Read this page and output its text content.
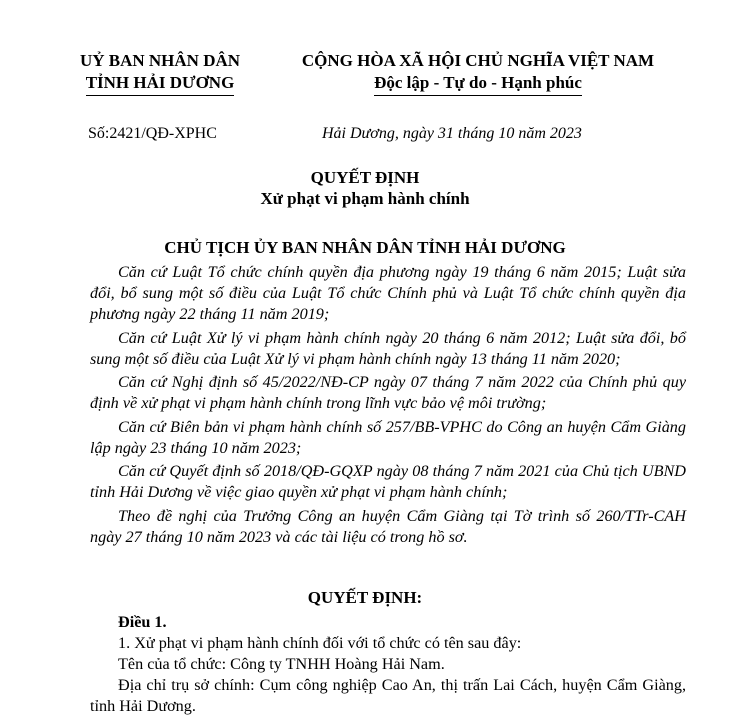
UỶ BAN NHÂN DÂN
TỈNH HẢI DƯƠNG
CỘNG HÒA XÃ HỘI CHỦ NGHĨA VIỆT NAM
Độc lập - Tự do - Hạnh phúc
Số:2421/QĐ-XPHC	Hải Dương, ngày 31 tháng 10 năm 2023
QUYẾT ĐỊNH
Xử phạt vi phạm hành chính
CHỦ TỊCH ỦY BAN NHÂN DÂN TỈNH HẢI DƯƠNG

Căn cứ Luật Tổ chức chính quyền địa phương ngày 19 tháng 6 năm 2015; Luật sửa đổi, bổ sung một số điều của Luật Tổ chức Chính phủ và Luật Tổ chức chính quyền địa phương ngày 22 tháng 11 năm 2019;

Căn cứ Luật Xử lý vi phạm hành chính ngày 20 tháng 6 năm 2012; Luật sửa đổi, bổ sung một số điều của Luật Xử lý vi phạm hành chính ngày 13 tháng 11 năm 2020;

Căn cứ Nghị định số 45/2022/NĐ-CP ngày 07 tháng 7 năm 2022 của Chính phủ quy định về xử phạt vi phạm hành chính trong lĩnh vực bảo vệ môi trường;

Căn cứ Biên bản vi phạm hành chính số 257/BB-VPHC do Công an huyện Cẩm Giàng lập ngày 23 tháng 10 năm 2023;

Căn cứ Quyết định số 2018/QĐ-GQXP ngày 08 tháng 7 năm 2021 của Chủ tịch UBND tỉnh Hải Dương về việc giao quyền xử phạt vi phạm hành chính;

Theo đề nghị của Trưởng Công an huyện Cẩm Giàng tại Tờ trình số 260/TTr-CAH ngày 27 tháng 10 năm 2023 và các tài liệu có trong hồ sơ.

QUYẾT ĐỊNH:
Điều 1.

1. Xử phạt vi phạm hành chính đối với tổ chức có tên sau đây:

Tên của tổ chức: Công ty TNHH Hoàng Hải Nam.

Địa chỉ trụ sở chính: Cụm công nghiệp Cao An, thị trấn Lai Cách, huyện Cẩm Giàng, tỉnh Hải Dương.
